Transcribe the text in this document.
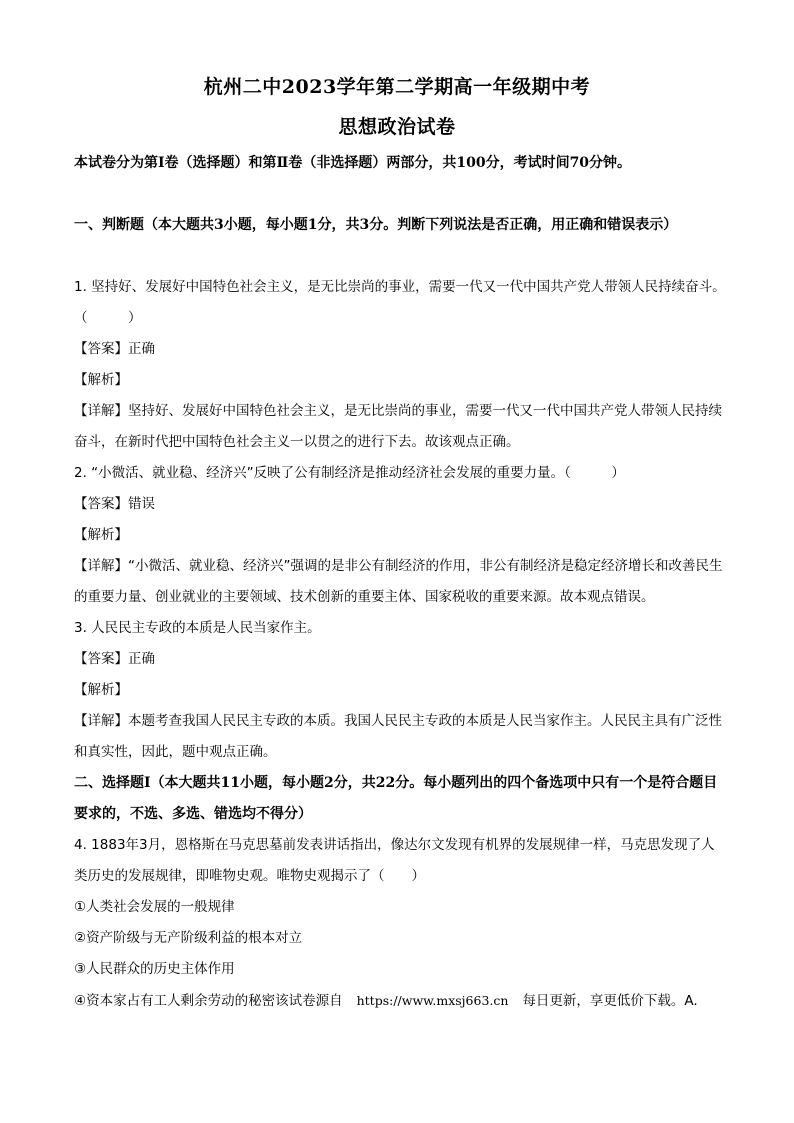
杭州二中2023学年第二学期高一年级期中考
思想政治试卷
本试卷分为第Ⅰ卷（选择题）和第Ⅱ卷（非选择题）两部分，共100分，考试时间70分钟。
一、判断题（本大题共3小题，每小题1分，共3分。判断下列说法是否正确，用正确和错误表示）
1. 坚持好、发展好中国特色社会主义，是无比崇尚的事业，需要一代又一代中国共产党人带领人民持续奋斗。（　　　）
【答案】正确
【解析】
【详解】坚持好、发展好中国特色社会主义，是无比崇尚的事业，需要一代又一代中国共产党人带领人民持续奋斗，在新时代把中国特色社会主义一以贯之的进行下去。故该观点正确。
2. “小微活、就业稳、经济兴”反映了公有制经济是推动经济社会发展的重要力量。（　　　）
【答案】错误
【解析】
【详解】“小微活、就业稳、经济兴”强调的是非公有制经济的作用，非公有制经济是稳定经济增长和改善民生的重要力量、创业就业的主要领域、技术创新的重要主体、国家税收的重要来源。故本观点错误。
3. 人民民主专政的本质是人民当家作主。
【答案】正确
【解析】
【详解】本题考查我国人民民主专政的本质。我国人民民主专政的本质是人民当家作主。人民民主具有广泛性和真实性，因此，题中观点正确。
二、选择题Ⅰ（本大题共11小题，每小题2分，共22分。每小题列出的四个备选项中只有一个是符合题目要求的，不选、多选、错选均不得分）
4. 1883年3月，恩格斯在马克思墓前发表讲话指出，像达尔文发现有机界的发展规律一样，马克思发现了人类历史的发展规律，即唯物史观。唯物史观揭示了（　　）
①人类社会发展的一般规律
②资产阶级与无产阶级利益的根本对立
③人民群众的历史主体作用
④资本家占有工人剩余劳动的秘密该试卷源自 https://www.mxsj663.cn 每日更新，享更低价下载。A.
